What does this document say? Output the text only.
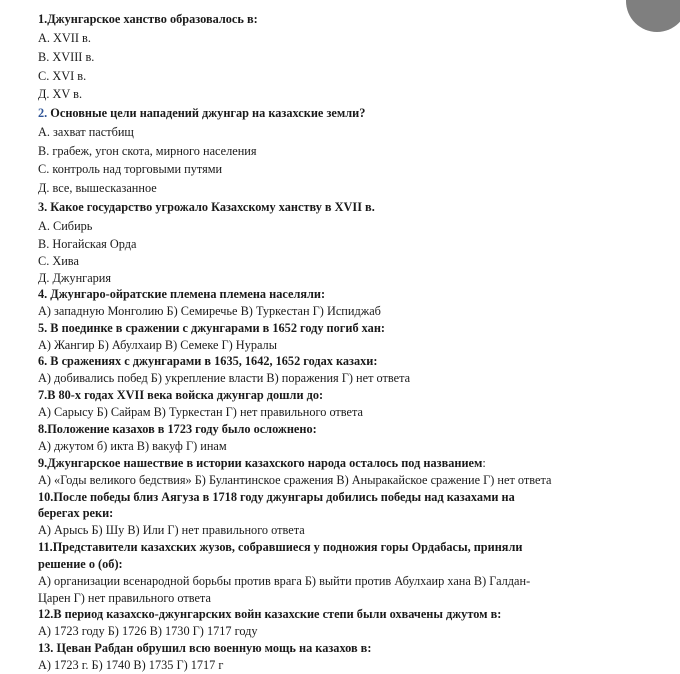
1.Джунгарское ханство образовалось в:
А. XVII в.
В. XVIII в.
С. XVI в.
Д. XV в.
2. Основные цели нападений джунгар на казахские земли?
А. захват пастбищ
В. грабеж, угон скота, мирного населения
С. контроль над торговыми путями
Д. все, вышесказанное
3. Какое государство угрожало Казахскому ханству в XVII в.
А. Сибирь
В. Ногайская Орда
С. Хива
Д. Джунгария
4. Джунгаро-ойратские племена племена населяли:
А) западную Монголию Б) Семиречье В) Туркестан Г) Испиджаб
5. В поединке в сражении с джунгарами в 1652 году погиб хан:
А) Жангир Б) Абулхаир В) Семеке Г) Нуралы
6. В сражениях с джунгарами в 1635, 1642, 1652 годах казахи:
А) добивались побед Б) укрепление власти В) поражения Г) нет ответа
7.В 80-х годах XVII века войска джунгар дошли до:
А) Сарысу Б) Сайрам В) Туркестан Г) нет правильного ответа
8.Положение казахов в 1723 году было осложнено:
А) джутом б) икта В) вакуф Г) инам
9.Джунгарское нашествие в истории казахского народа осталось под названием:
А) «Годы великого бедствия» Б) Булантинское сражения В) Аныракайское сражение Г) нет ответа
10.После победы близ Аягуза в 1718 году джунгары добились победы над казахами на
берегах реки:
А) Арысь Б) Шу В) Или Г) нет правильного ответа
11.Представители казахских жузов, собравшиеся у подножия горы Ордабасы, приняли
решение о (об):
А) организации всенародной борьбы против врага Б) выйти против Абулхаир хана В) Галдан-
Царен Г) нет правильного ответа
12.В период казахско-джунгарских войн казахские степи были охвачены джутом в:
А) 1723 году Б) 1726 В) 1730 Г) 1717 году
13. Цеван Рабдан обрушил всю военную мощь на казахов в:
А) 1723 г. Б) 1740 В) 1735 Г) 1717 г
